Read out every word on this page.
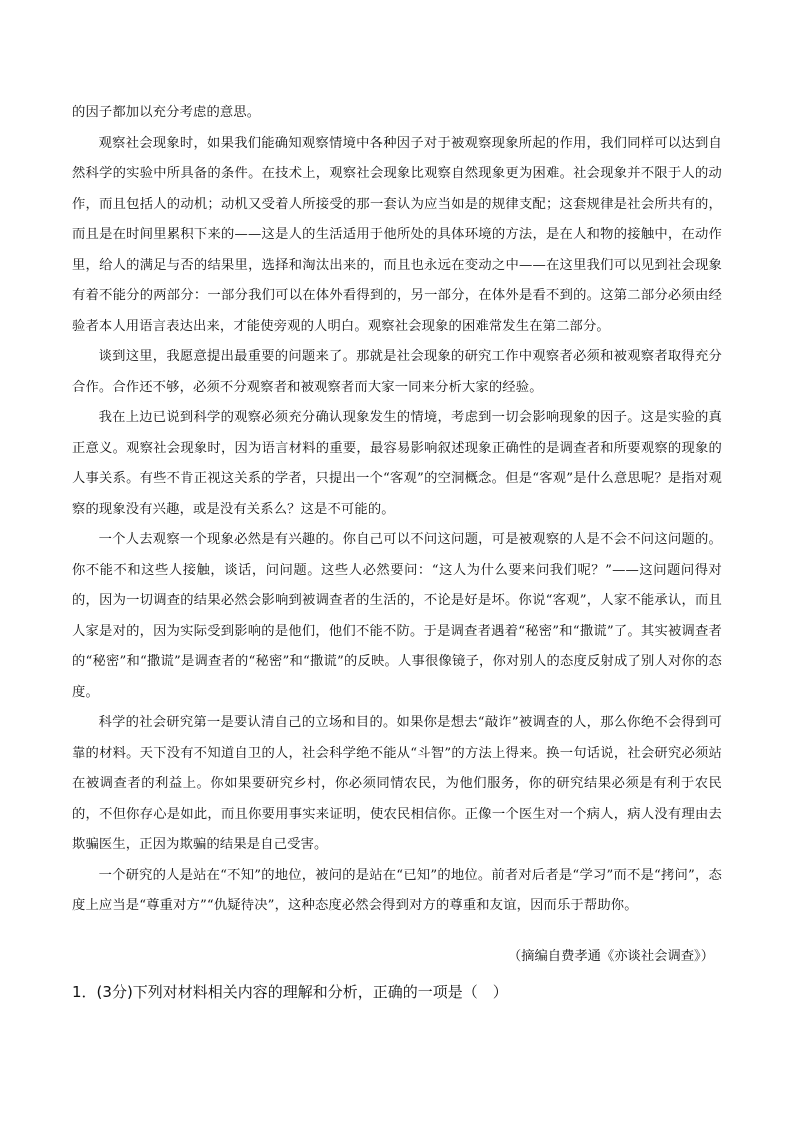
的因子都加以充分考虑的意思。

观察社会现象时，如果我们能确知观察情境中各种因子对于被观察现象所起的作用，我们同样可以达到自然科学的实验中所具备的条件。在技术上，观察社会现象比观察自然现象更为困难。社会现象并不限于人的动作，而且包括人的动机；动机又受着人所接受的那一套认为应当如是的规律支配；这套规律是社会所共有的，而且是在时间里累积下来的——这是人的生活适用于他所处的具体环境的方法，是在人和物的接触中，在动作里，给人的满足与否的结果里，选择和淘汰出来的，而且也永远在变动之中——在这里我们可以见到社会现象有着不能分的两部分：一部分我们可以在体外看得到的，另一部分，在体外是看不到的。这第二部分必须由经验者本人用语言表达出来，才能使旁观的人明白。观察社会现象的困难常发生在第二部分。

谈到这里，我愿意提出最重要的问题来了。那就是社会现象的研究工作中观察者必须和被观察者取得充分合作。合作还不够，必须不分观察者和被观察者而大家一同来分析大家的经验。

我在上边已说到科学的观察必须充分确认现象发生的情境，考虑到一切会影响现象的因子。这是实验的真正意义。观察社会现象时，因为语言材料的重要，最容易影响叙述现象正确性的是调查者和所要观察的现象的人事关系。有些不肯正视这关系的学者，只提出一个“客观”的空洞概念。但是“客观”是什么意思呢？是指对观察的现象没有兴趣，或是没有关系么？这是不可能的。

一个人去观察一个现象必然是有兴趣的。你自己可以不问这问题，可是被观察的人是不会不问这问题的。你不能不和这些人接触，谈话，问问题。这些人必然要问：“这人为什么要来问我们呢？”——这问题问得对的，因为一切调查的结果必然会影响到被调查者的生活的，不论是好是坏。你说“客观”，人家不能承认，而且人家是对的，因为实际受到影响的是他们，他们不能不防。于是调查者遇着“秘密”和“撒谎”了。其实被调查者的“秘密”和“撒谎”是调查者的“秘密”和“撒谎”的反映。人事很像镜子，你对别人的态度反射成了别人对你的态度。

科学的社会研究第一是要认清自己的立场和目的。如果你是想去“敲诈”被调查的人，那么你绝不会得到可靠的材料。天下没有不知道自卫的人，社会科学绝不能从“斗智”的方法上得来。换一句话说，社会研究必须站在被调查者的利益上。你如果要研究乡村，你必须同情农民，为他们服务，你的研究结果必须是有利于农民的，不但你存心是如此，而且你要用事实来证明，使农民相信你。正像一个医生对一个病人，病人没有理由去欺骗医生，正因为欺骗的结果是自己受害。

一个研究的人是站在“不知”的地位，被问的是站在“已知”的地位。前者对后者是“学习”而不是“拷问”，态度上应当是“尊重对方”“仇疑待决”，这种态度必然会得到对方的尊重和友谊，因而乐于帮助你。

（摘编自费孝通《亦谈社会调查》）
1．(3分)下列对材料相关内容的理解和分析，正确的一项是（　）
